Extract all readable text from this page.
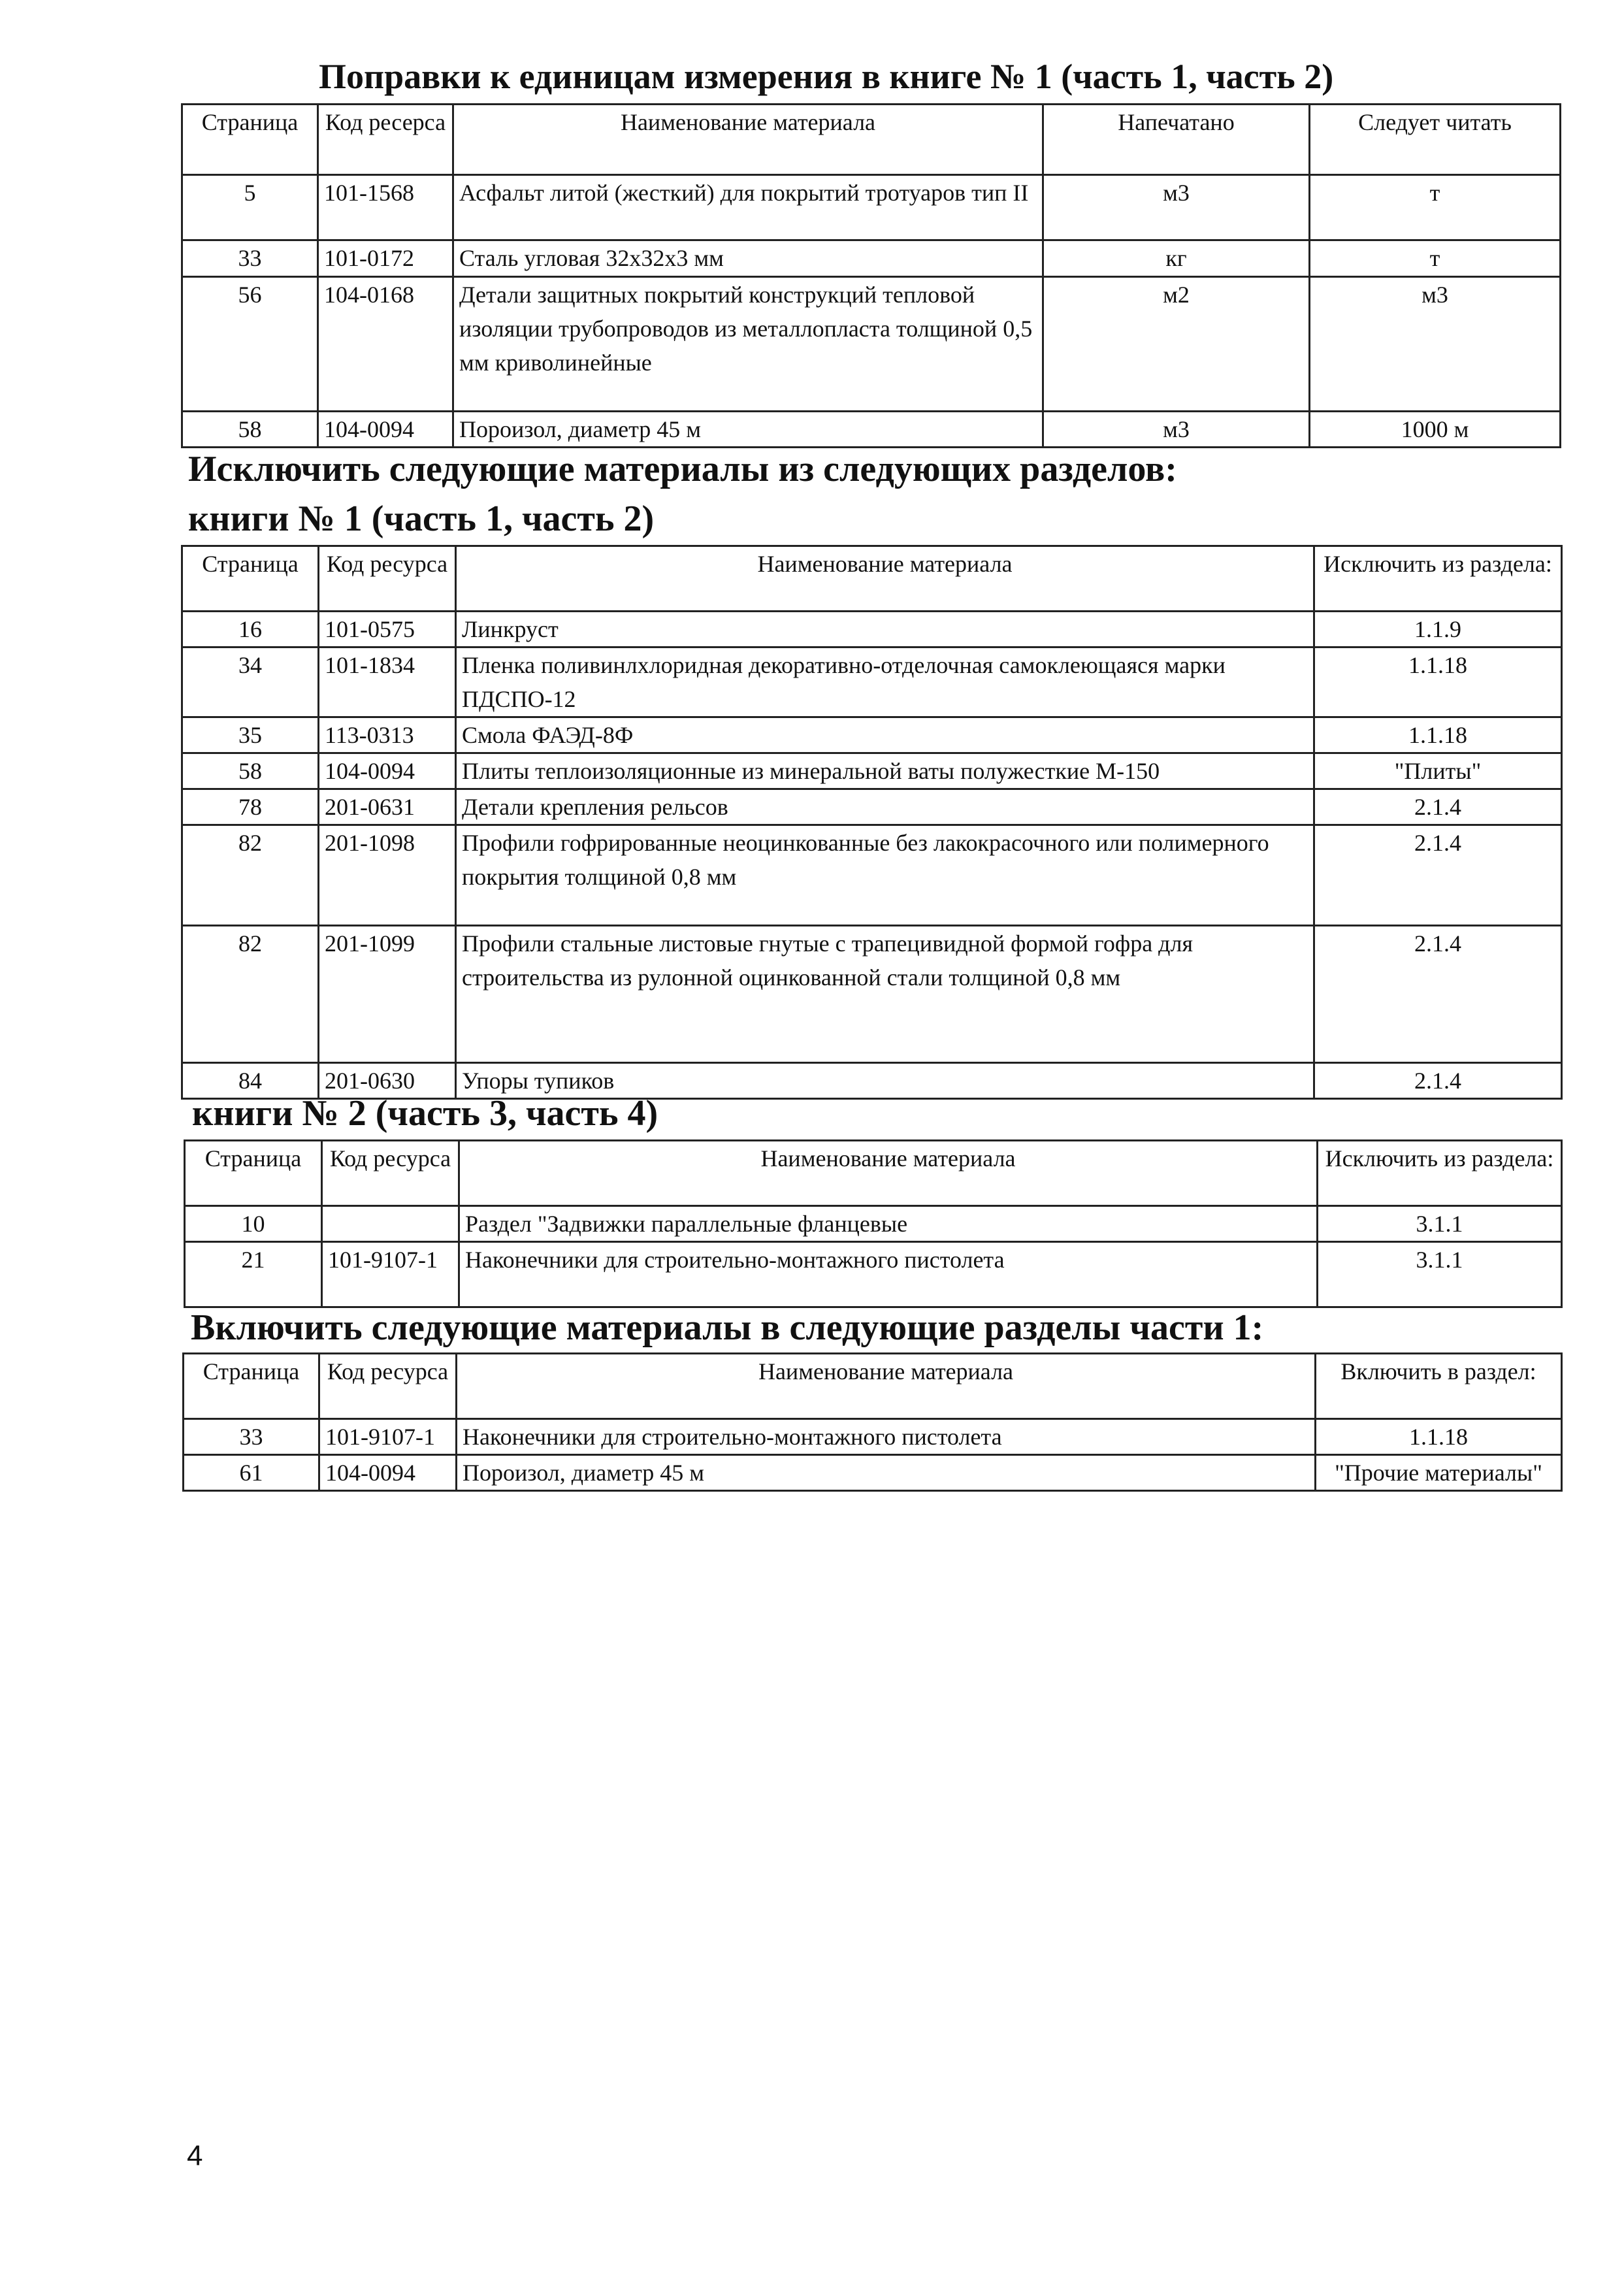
Поправки к единицам измерения в книге № 1 (часть 1, часть 2)
Страница	Код ресерса	Наименование материала	Напечатано	Следует читать
5	101-1568	Асфальт литой (жесткий) для покрытий тротуаров тип II	м3	т
33	101-0172	Сталь угловая 32х32х3 мм	кг	т
56	104-0168	Детали защитных покрытий конструкций тепловой изоляции трубопроводов из металлопласта толщиной 0,5 мм криволинейные	м2	м3
58	104-0094	Пороизол, диаметр 45 м	м3	1000 м
Исключить следующие материалы из следующих разделов:
книги № 1 (часть 1, часть 2)
Страница	Код ресурса	Наименование материала	Исключить из раздела:
16	101-0575	Линкруст	1.1.9
34	101-1834	Пленка поливинлхлоридная декоративно-отделочная самоклеющаяся марки ПДСПО-12	1.1.18
35	113-0313	Смола ФАЭД-8Ф	1.1.18
58	104-0094	Плиты теплоизоляционные из минеральной ваты полужесткие М-150	"Плиты"
78	201-0631	Детали крепления рельсов	2.1.4
82	201-1098	Профили гофрированные неоцинкованные без лакокрасочного или полимерного покрытия толщиной 0,8 мм	2.1.4
82	201-1099	Профили стальные листовые гнутые с трапецивидной формой гофра для строительства из рулонной оцинкованной стали толщиной 0,8 мм	2.1.4
84	201-0630	Упоры тупиков	2.1.4
книги № 2 (часть 3, часть 4)
Страница	Код ресурса	Наименование материала	Исключить из раздела:
10		Раздел "Задвижки параллельные фланцевые	3.1.1
21	101-9107-1	Наконечники для строительно-монтажного пистолета	3.1.1
Включить следующие материалы в следующие разделы части 1:
Страница	Код ресурса	Наименование материала	Включить в раздел:
33	101-9107-1	Наконечники для строительно-монтажного пистолета	1.1.18
61	104-0094	Пороизол, диаметр 45 м	"Прочие материалы"
4
